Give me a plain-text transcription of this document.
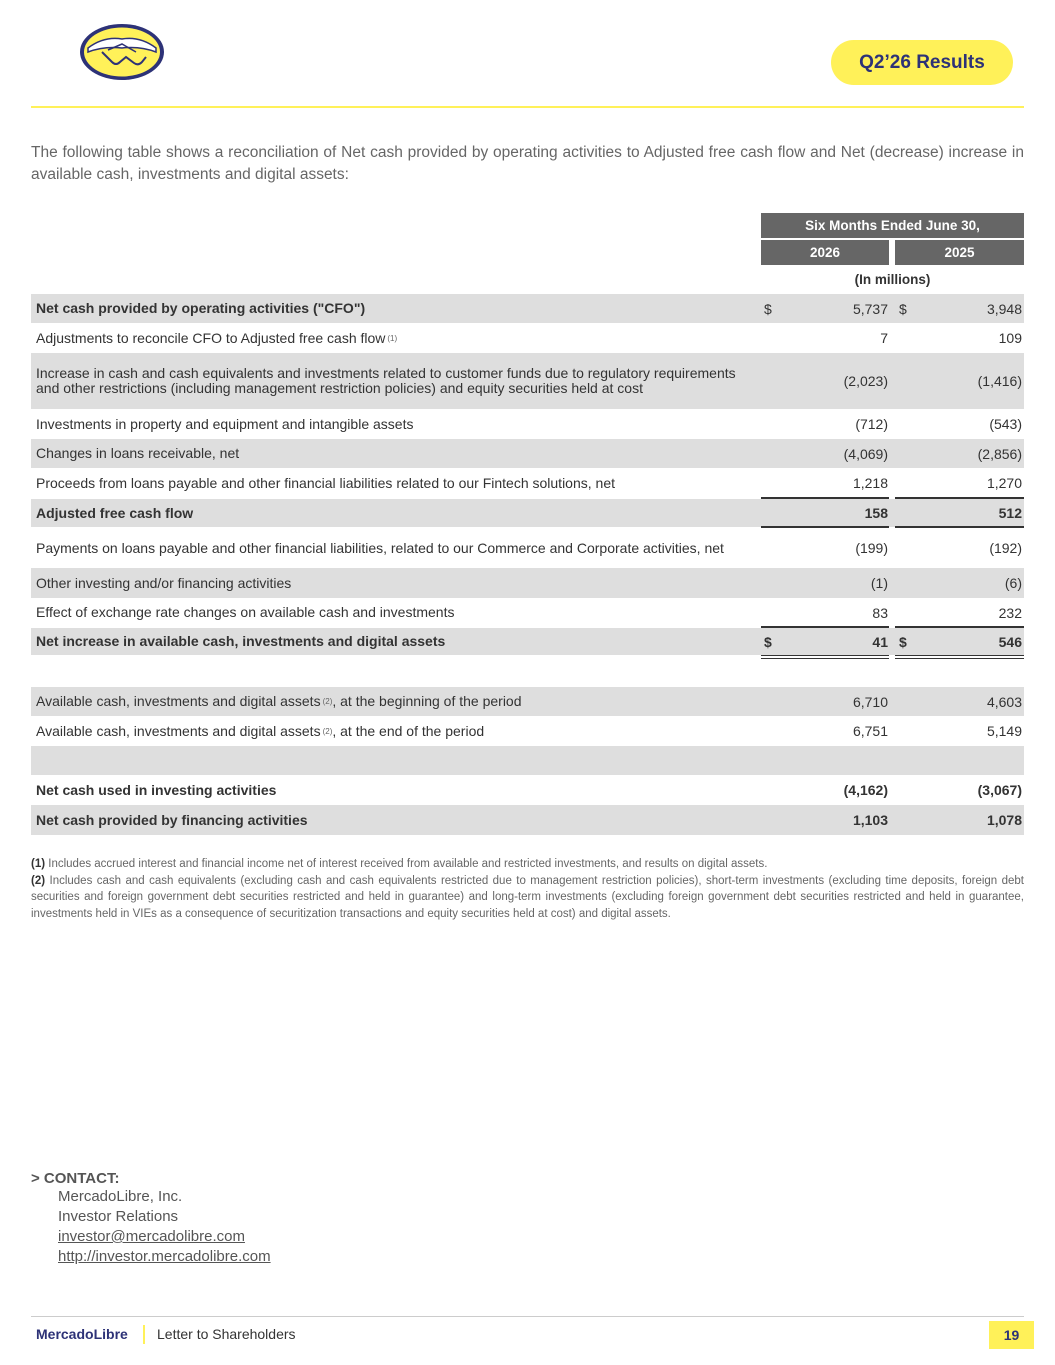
Q2’26 Results
The following table shows a reconciliation of Net cash provided by operating activities to Adjusted free cash flow and Net (decrease) increase in available cash, investments and digital assets:
Six Months Ended June 30,
2026	2025
(In millions)
Net cash provided by operating activities ("CFO")	$	5,737 $	3,948
Adjustments to reconcile CFO to Adjusted free cash flow (1)	7	109
Increase in cash and cash equivalents and investments related to customer funds due to regulatory requirements and other restrictions (including management restriction policies) and equity securities held at cost	(2,023)	(1,416)
Investments in property and equipment and intangible assets	(712)	(543)
Changes in loans receivable, net	(4,069)	(2,856)
Proceeds from loans payable and other financial liabilities related to our Fintech solutions, net	1,218	1,270
Adjusted free cash flow	158	512
Payments on loans payable and other financial liabilities, related to our Commerce and Corporate activities, net	(199)	(192)
Other investing and/or financing activities	(1)	(6)
Effect of exchange rate changes on available cash and investments	83	232
Net increase in available cash, investments and digital assets	$	41 $	546
Available cash, investments and digital assets (2) , at the beginning of the period	6,710	4,603
Available cash, investments and digital assets (2) , at the end of the period	6,751	5,149
Net cash used in investing activities	(4,162)	(3,067)
Net cash provided by financing activities	1,103	1,078
(1) Includes accrued interest and financial income net of interest received from available and restricted investments, and results on digital assets.
(2) Includes cash and cash equivalents (excluding cash and cash equivalents restricted due to management restriction policies), short-term investments (excluding time deposits, foreign debt securities and foreign government debt securities restricted and held in guarantee) and long-term investments (excluding foreign government debt securities restricted and held in guarantee, investments held in VIEs as a consequence of securitization transactions and equity securities held at cost) and digital assets.
> CONTACT:
MercadoLibre, Inc.
Investor Relations
investor@mercadolibre.com
http://investor.mercadolibre.com
MercadoLibre Letter to Shareholders	19
